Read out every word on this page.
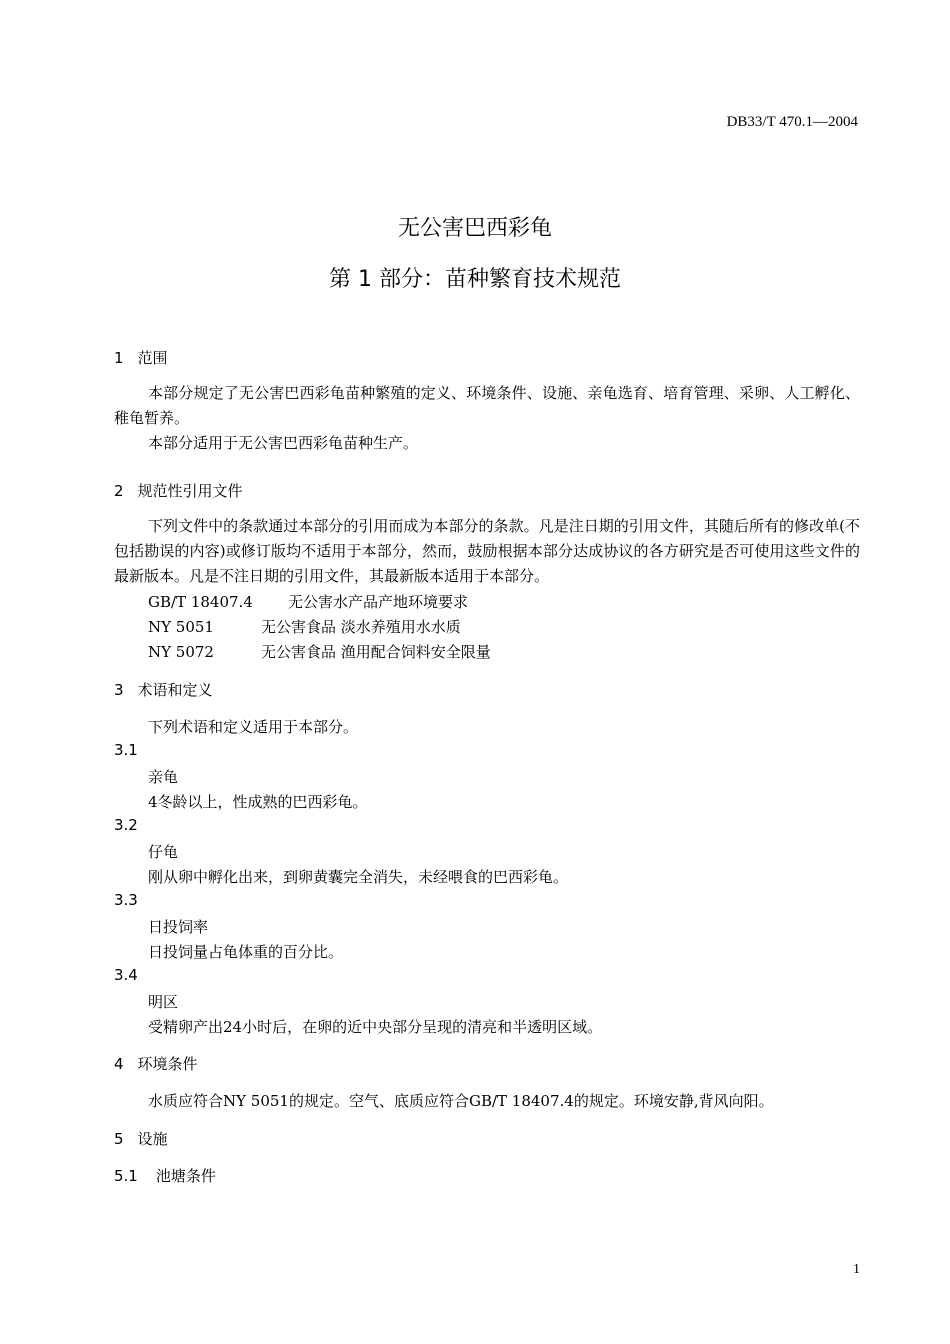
DB33/T 470.1—2004
无公害巴西彩龟
第 1 部分：苗种繁育技术规范
1 范围
本部分规定了无公害巴西彩龟苗种繁殖的定义、环境条件、设施、亲龟选育、培育管理、采卵、人工孵化、稚龟暂养。
本部分适用于无公害巴西彩龟苗种生产。
2 规范性引用文件
下列文件中的条款通过本部分的引用而成为本部分的条款。凡是注日期的引用文件，其随后所有的修改单(不包括勘误的内容)或修订版均不适用于本部分，然而，鼓励根据本部分达成协议的各方研究是否可使用这些文件的最新版本。凡是不注日期的引用文件，其最新版本适用于本部分。
GB/T 18407.4 无公害水产品产地环境要求
NY 5051	无公害食品 淡水养殖用水水质
NY 5072	无公害食品 渔用配合饲料安全限量
3 术语和定义
下列术语和定义适用于本部分。
3.1
亲龟
4冬龄以上，性成熟的巴西彩龟。
3.2
仔龟
刚从卵中孵化出来，到卵黄囊完全消失，未经喂食的巴西彩龟。
3.3
日投饲率
日投饲量占龟体重的百分比。
3.4
明区
受精卵产出24小时后，在卵的近中央部分呈现的清亮和半透明区域。
4 环境条件
水质应符合NY 5051的规定。空气、底质应符合GB/T 18407.4的规定。环境安静,背风向阳。
5 设施
5.1 池塘条件
1
